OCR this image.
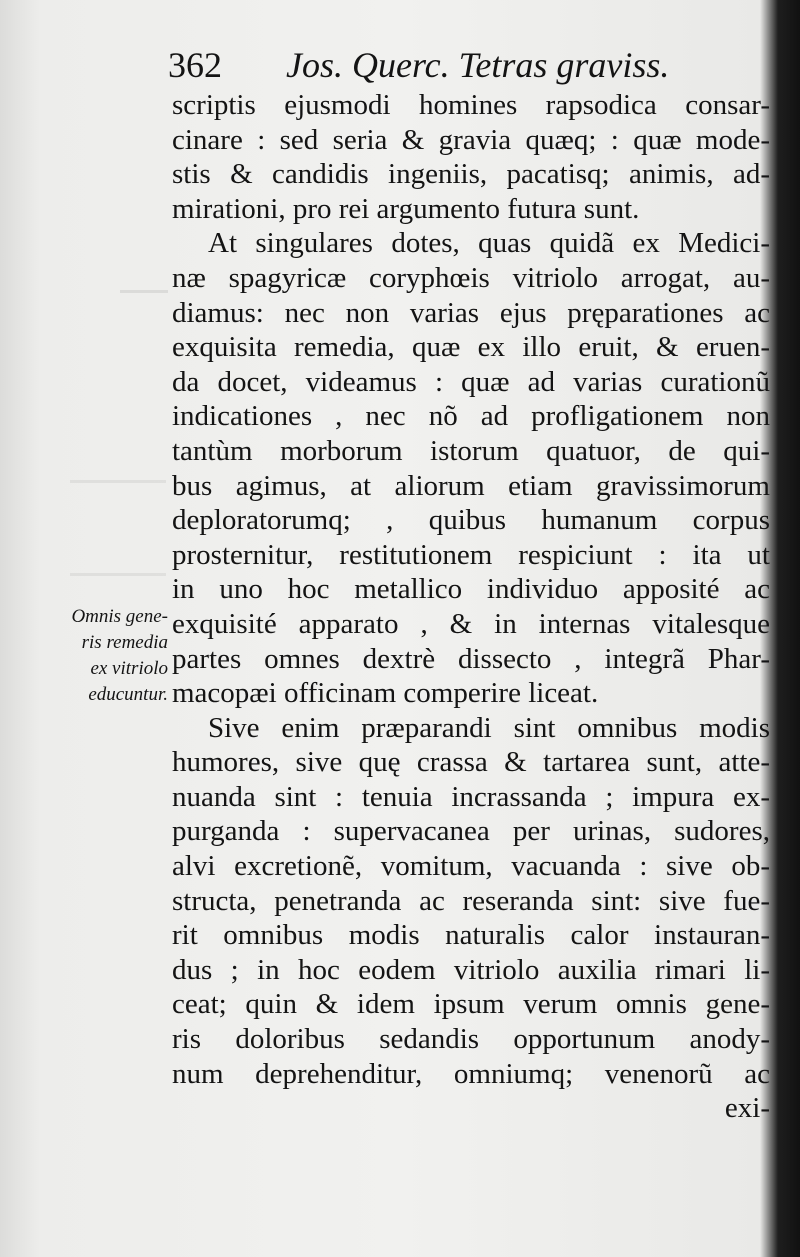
362 Jos. Querc. Tetras graviss.
Omnis gene-
ris remedia
ex vitriolo
educuntur.
scriptis ejusmodi homines rapsodica consar-
cinare : sed seria & gravia quæq; : quæ mode-
stis & candidis ingeniis, pacatisq; animis, ad-
mirationi, pro rei argumento futura sunt.
At singulares dotes, quas quidã ex Medici-
næ spagyricæ coryphœis vitriolo arrogat, au-
diamus: nec non varias ejus pręparationes ac
exquisita remedia, quæ ex illo eruit, & eruen-
da docet, videamus : quæ ad varias curationũ
indicationes , nec nõ ad profligationem non
tantùm morborum istorum quatuor, de qui-
bus agimus, at aliorum etiam gravissimorum
deploratorumq; , quibus humanum corpus
prosternitur, restitutionem respiciunt : ita ut
in uno hoc metallico individuo apposité ac
exquisité apparato , & in internas vitalesque
partes omnes dextrè dissecto , integrã Phar-
macopæi officinam comperire liceat.
Sive enim præparandi sint omnibus modis
humores, sive quę crassa & tartarea sunt, atte-
nuanda sint : tenuia incrassanda ; impura ex-
purganda : supervacanea per urinas, sudores,
alvi excretionẽ, vomitum, vacuanda : sive ob-
structa, penetranda ac reseranda sint: sive fue-
rit omnibus modis naturalis calor instauran-
dus ; in hoc eodem vitriolo auxilia rimari li-
ceat; quin & idem ipsum verum omnis gene-
ris doloribus sedandis opportunum anody-
num deprehenditur, omniumq; venenorũ ac
exi-
